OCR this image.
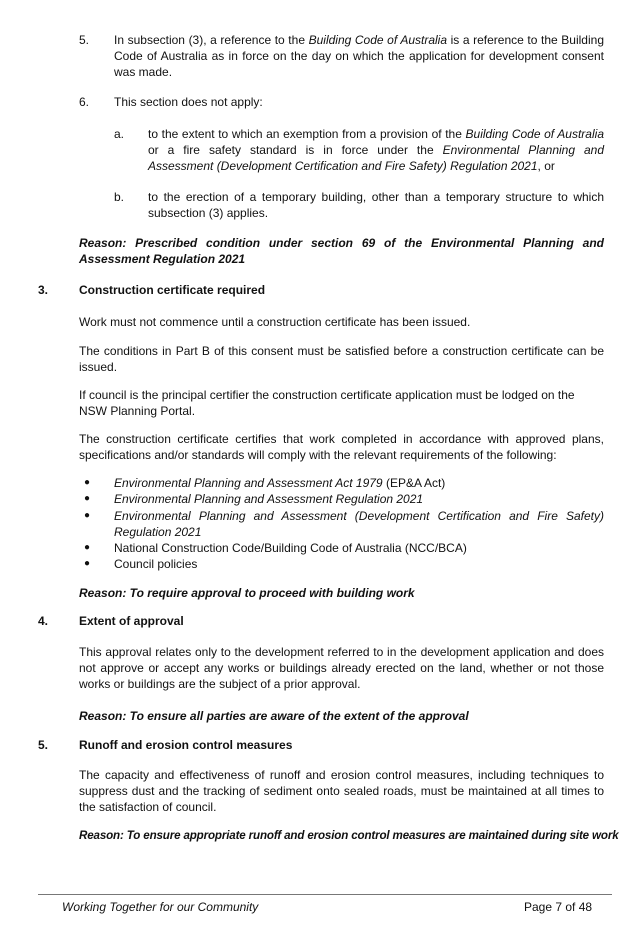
5. In subsection (3), a reference to the Building Code of Australia is a reference to the Building Code of Australia as in force on the day on which the application for development consent was made.
6. This section does not apply:
a. to the extent to which an exemption from a provision of the Building Code of Australia or a fire safety standard is in force under the Environmental Planning and Assessment (Development Certification and Fire Safety) Regulation 2021, or
b. to the erection of a temporary building, other than a temporary structure to which subsection (3) applies.
Reason: Prescribed condition under section 69 of the Environmental Planning and Assessment Regulation 2021
3.	Construction certificate required
Work must not commence until a construction certificate has been issued.
The conditions in Part B of this consent must be satisfied before a construction certificate can be issued.
If council is the principal certifier the construction certificate application must be lodged on the NSW Planning Portal.
The construction certificate certifies that work completed in accordance with approved plans, specifications and/or standards will comply with the relevant requirements of the following:
● Environmental Planning and Assessment Act 1979 (EP&A Act)
● Environmental Planning and Assessment Regulation 2021
● Environmental Planning and Assessment (Development Certification and Fire Safety) Regulation 2021
● National Construction Code/Building Code of Australia (NCC/BCA)
● Council policies
Reason: To require approval to proceed with building work
4.	Extent of approval
This approval relates only to the development referred to in the development application and does not approve or accept any works or buildings already erected on the land, whether or not those works or buildings are the subject of a prior approval.
Reason: To ensure all parties are aware of the extent of the approval
5.	Runoff and erosion control measures
The capacity and effectiveness of runoff and erosion control measures, including techniques to suppress dust and the tracking of sediment onto sealed roads, must be maintained at all times to the satisfaction of council.
Reason: To ensure appropriate runoff and erosion control measures are maintained during site work
Working Together for our Community	Page 7 of 48
